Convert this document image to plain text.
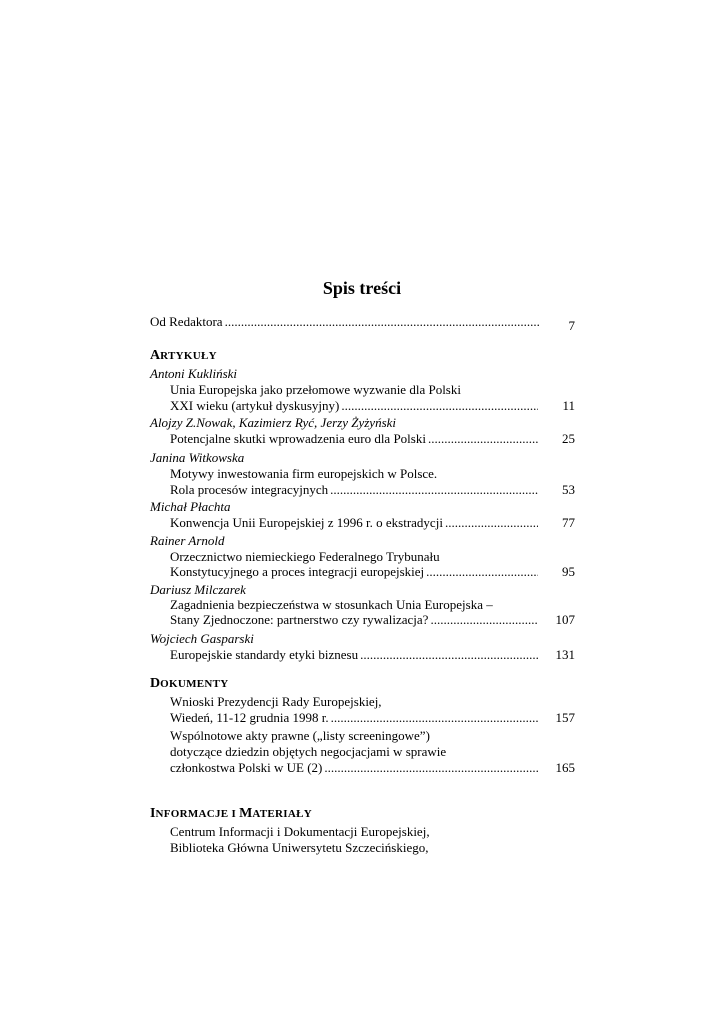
Spis treści
Od Redaktora .....	7
ARTYKUŁY
Antoni Kukliński
Unia Europejska jako przełomowe wyzwanie dla Polski
XXI wieku (artykuł dyskusyjny) .....	11
Alojzy Z.Nowak, Kazimierz Ryć, Jerzy Żyżyński
Potencjalne skutki wprowadzenia euro dla Polski .....	25
Janina Witkowska
Motywy inwestowania firm europejskich w Polsce.
Rola procesów integracyjnych .....	53
Michał Płachta
Konwencja Unii Europejskiej z 1996 r. o ekstradycji .....	77
Rainer Arnold
Orzecznictwo niemieckiego Federalnego Trybunału
Konstytucyjnego a proces integracji europejskiej .....	95
Dariusz Milczarek
Zagadnienia bezpieczeństwa w stosunkach Unia Europejska –
Stany Zjednoczone: partnerstwo czy rywalizacja? .....	107
Wojciech Gasparski
Europejskie standardy etyki biznesu .....	131
DOKUMENTY
Wnioski Prezydencji Rady Europejskiej,
Wiedeń, 11-12 grudnia 1998 r. .....	157
Wspólnotowe akty prawne („listy screeningowe”)
dotyczące dziedzin objętych negocjacjami w sprawie
członkostwa Polski w UE (2) .....	165
INFORMACJE I MATERIAŁY
Centrum Informacji i Dokumentacji Europejskiej,
Biblioteka Główna Uniwersytetu Szczecińskiego,
